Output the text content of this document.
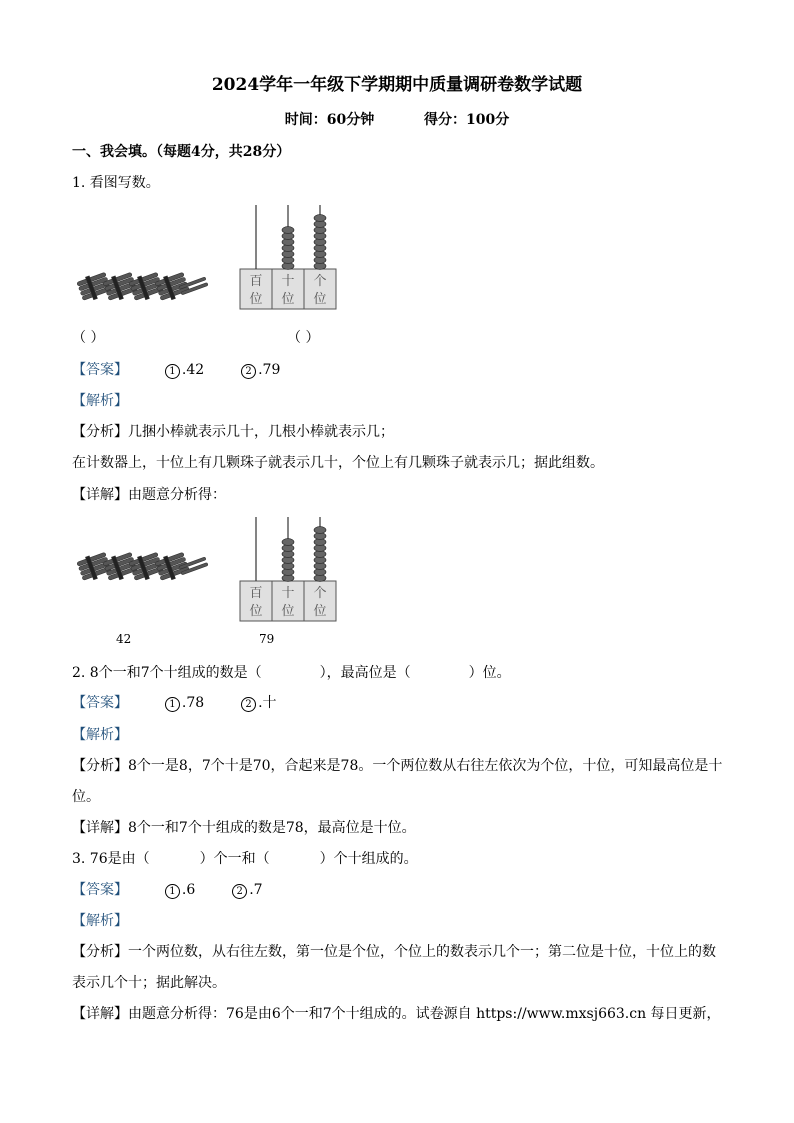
2024学年一年级下学期期中质量调研卷数学试题
时间：60分钟	得分：100分
一、我会填。（每题4分，共28分）
1. 看图写数。
百
位
十
位
个
位
（ ）	（ ）
【答案】	1 .42	2 .79
【解析】
【分析】几捆小棒就表示几十，几根小棒就表示几；
在计数器上，十位上有几颗珠子就表示几十，个位上有几颗珠子就表示几；据此组数。
【详解】由题意分析得：
百
位
十
位
个
位
42	79
2. 8个一和7个十组成的数是（	），最高位是（	）位。
【答案】	1 .78	2 .十
【解析】
【分析】8个一是8，7个十是70，合起来是78。一个两位数从右往左依次为个位，十位，可知最高位是十
位。
【详解】8个一和7个十组成的数是78，最高位是十位。
3. 76是由（	）个一和（	）个十组成的。
【答案】	1 .6	2 .7
【解析】
【分析】一个两位数，从右往左数，第一位是个位，个位上的数表示几个一；第二位是十位，十位上的数
表示几个十；据此解决。
【详解】由题意分析得：76是由6个一和7个十组成的。试卷源自 https://www.mxsj663.cn 每日更新，
